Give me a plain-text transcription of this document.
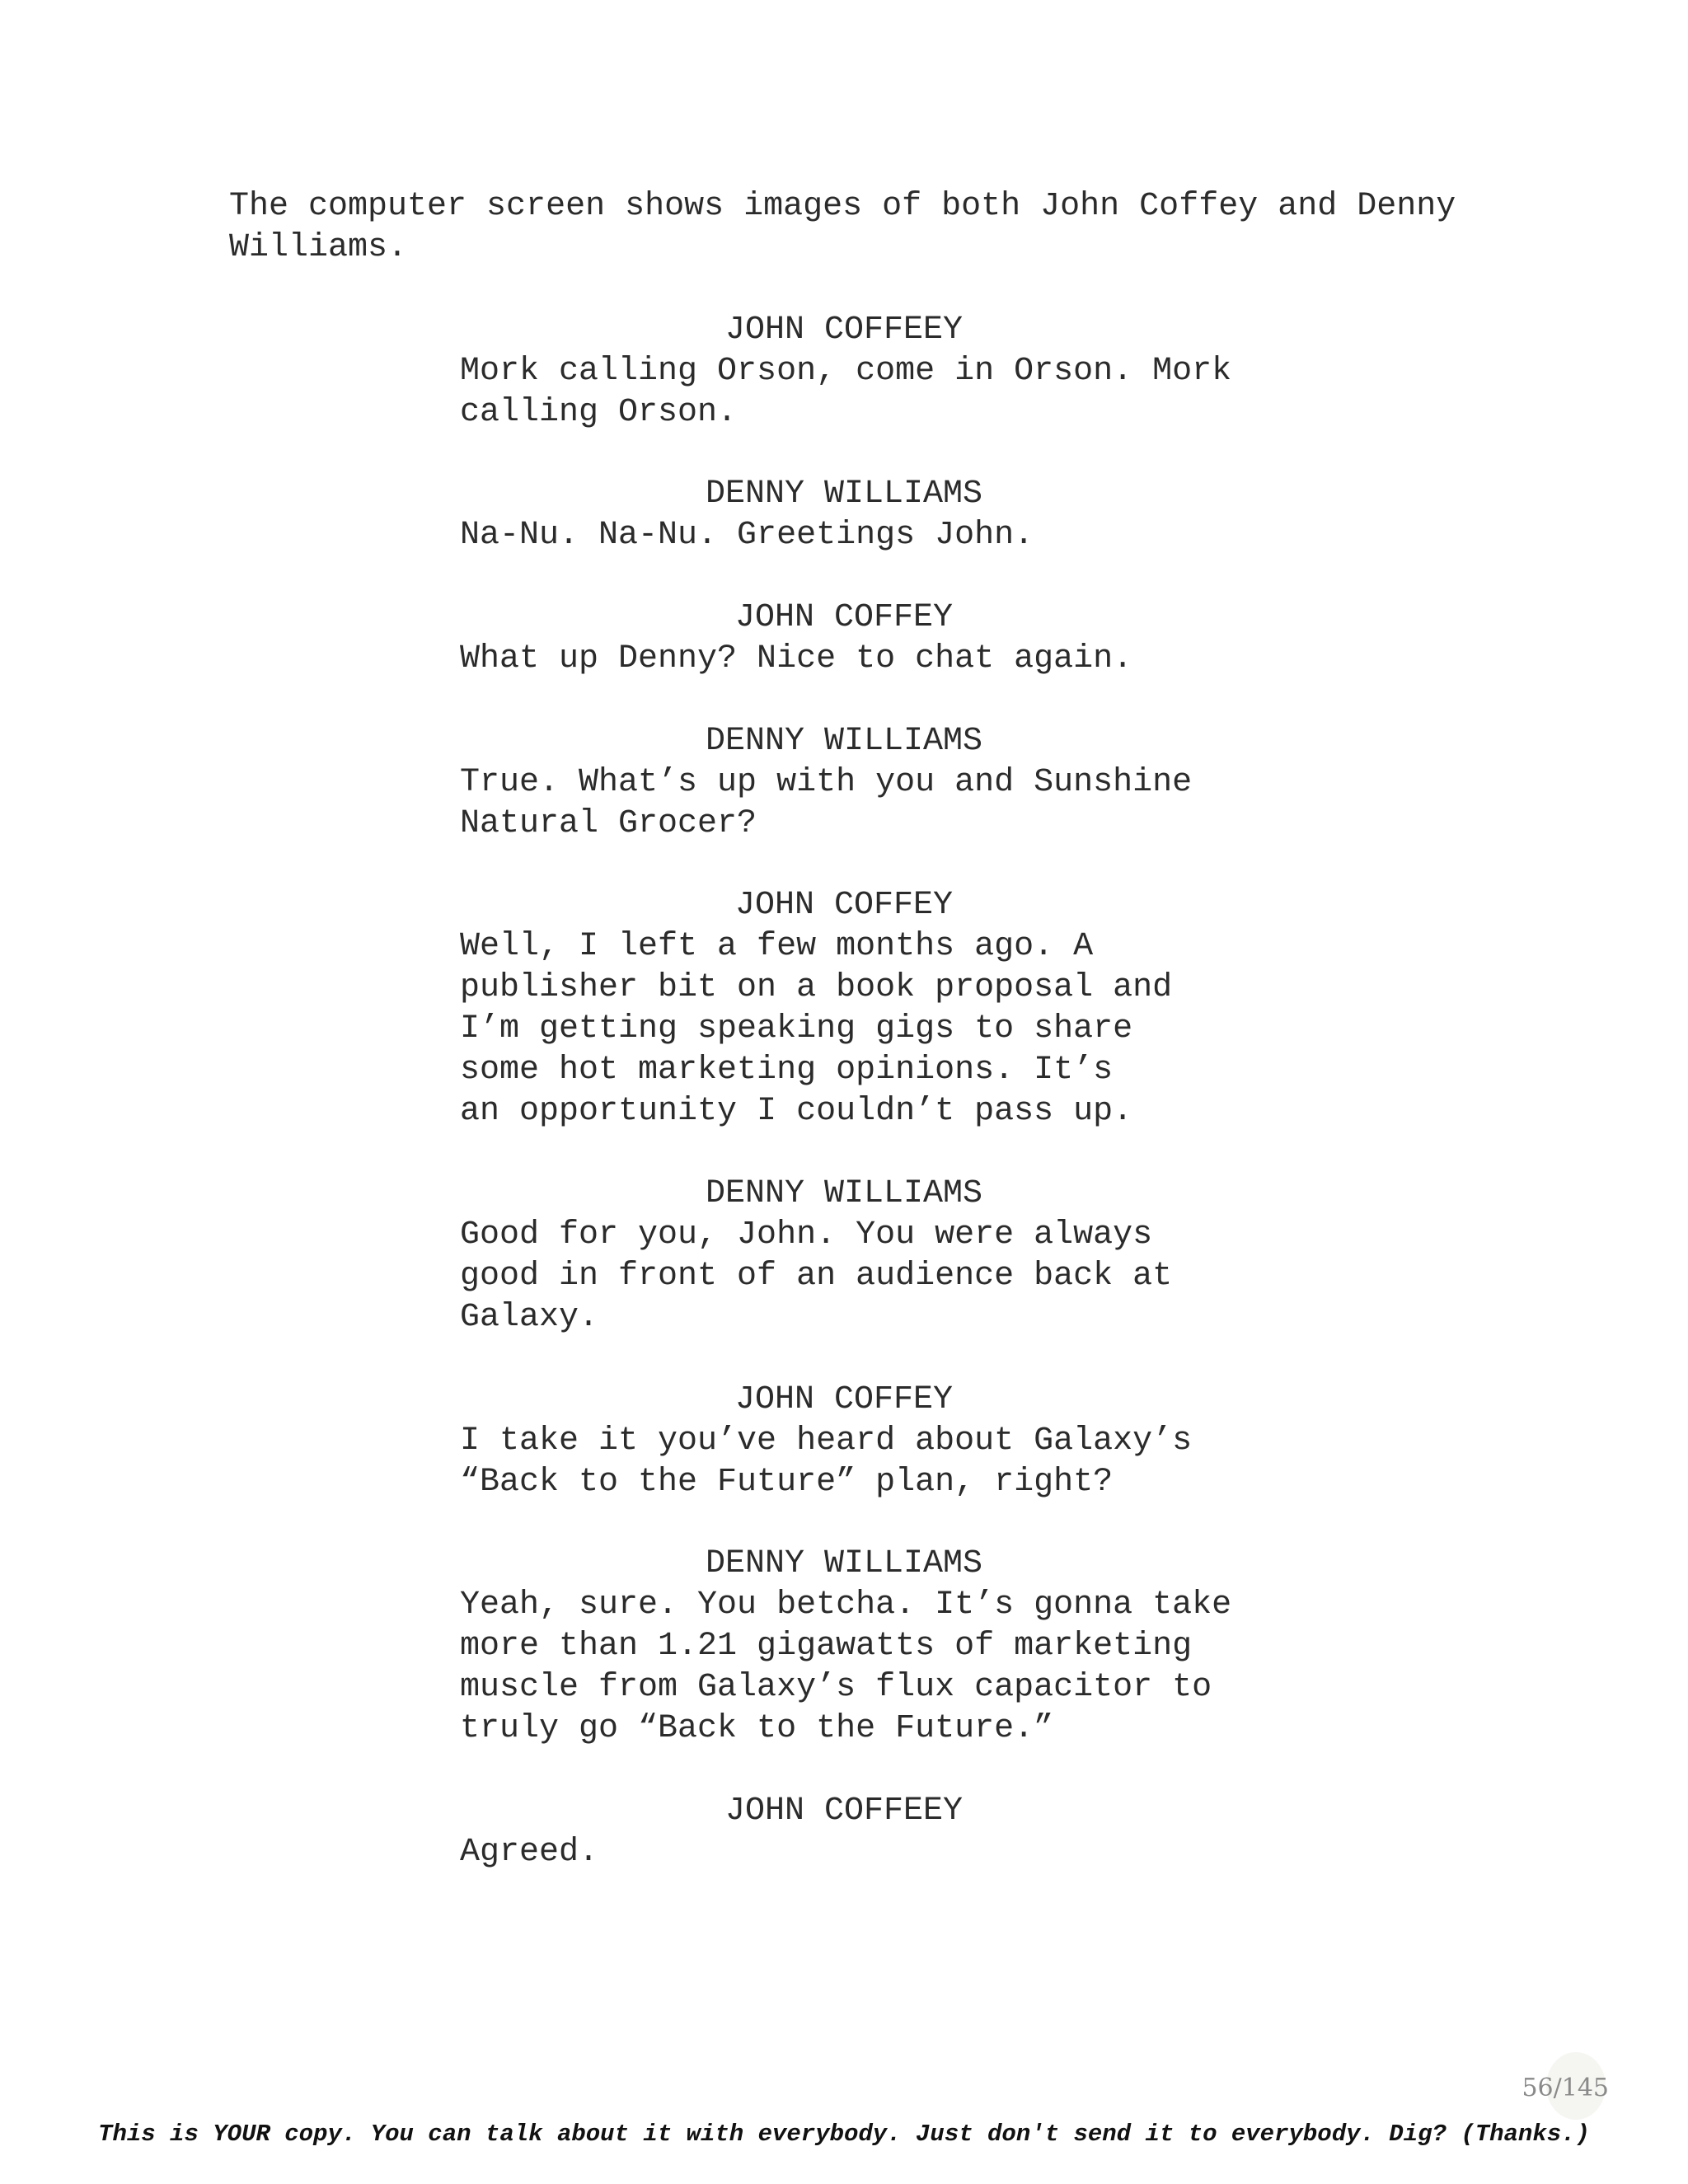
The computer screen shows images of both John Coffey and Denny
Williams.

JOHN COFFEEY

Mork calling Orson, come in Orson. Mork
calling Orson.

DENNY WILLIAMS

Na-Nu. Na-Nu. Greetings John.

JOHN COFFEY

What up Denny? Nice to chat again.

DENNY WILLIAMS

True. What’s up with you and Sunshine
Natural Grocer?

JOHN COFFEY

Well, I left a few months ago. A
publisher bit on a book proposal and
I’m getting speaking gigs to share
some hot marketing opinions. It’s
an opportunity I couldn’t pass up.

DENNY WILLIAMS

Good for you, John. You were always
good in front of an audience back at
Galaxy.

JOHN COFFEY

I take it you’ve heard about Galaxy’s
“Back to the Future” plan, right?

DENNY WILLIAMS

Yeah, sure. You betcha. It’s gonna take
more than 1.21 gigawatts of marketing
muscle from Galaxy’s flux capacitor to
truly go “Back to the Future.”

JOHN COFFEEY

Agreed.

56/145
This is YOUR copy. You can talk about it with everybody. Just don't send it to everybody. Dig? (Thanks.)
